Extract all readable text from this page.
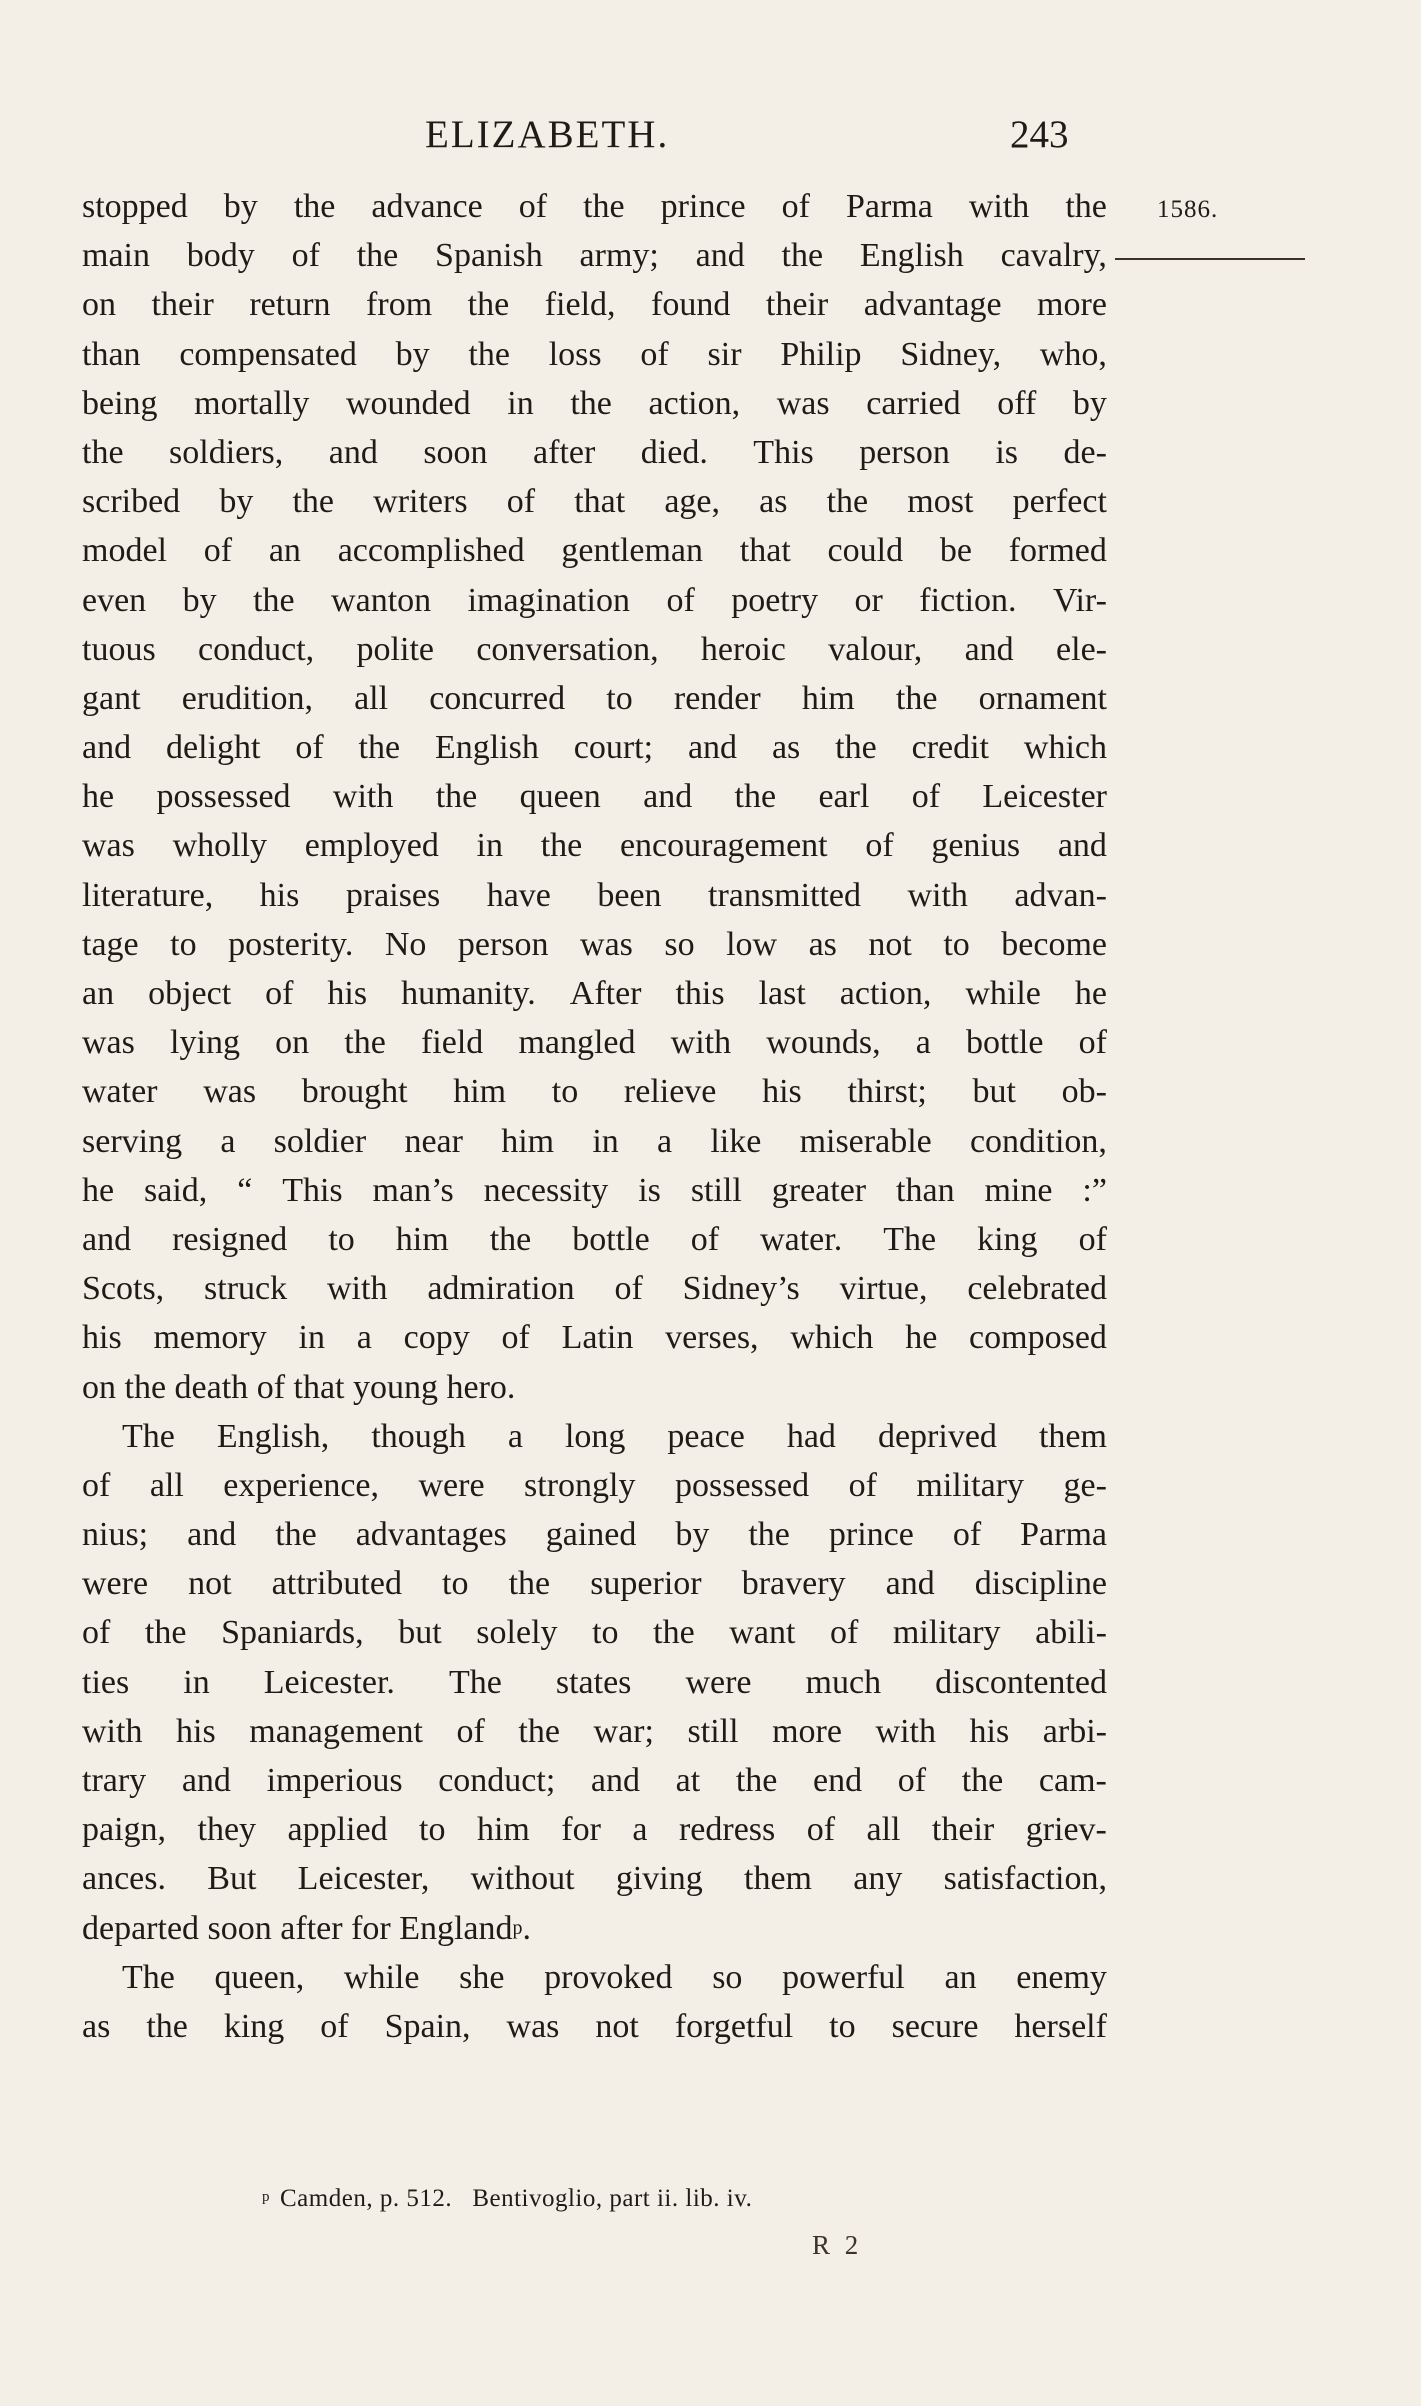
ELIZABETH.	243
1586.
stopped by the advance of the prince of Parma with the
main body of the Spanish army; and the English cavalry,
on their return from the field, found their advantage more
than compensated by the loss of sir Philip Sidney, who,
being mortally wounded in the action, was carried off by
the soldiers, and soon after died. This person is de-
scribed by the writers of that age, as the most perfect
model of an accomplished gentleman that could be formed
even by the wanton imagination of poetry or fiction. Vir-
tuous conduct, polite conversation, heroic valour, and ele-
gant erudition, all concurred to render him the ornament
and delight of the English court; and as the credit which
he possessed with the queen and the earl of Leicester
was wholly employed in the encouragement of genius and
literature, his praises have been transmitted with advan-
tage to posterity. No person was so low as not to become
an object of his humanity. After this last action, while he
was lying on the field mangled with wounds, a bottle of
water was brought him to relieve his thirst; but ob-
serving a soldier near him in a like miserable condition,
he said, “ This man’s necessity is still greater than mine :”
and resigned to him the bottle of water. The king of
Scots, struck with admiration of Sidney’s virtue, celebrated
his memory in a copy of Latin verses, which he composed
on the death of that young hero.
The English, though a long peace had deprived them
of all experience, were strongly possessed of military ge-
nius; and the advantages gained by the prince of Parma
were not attributed to the superior bravery and discipline
of the Spaniards, but solely to the want of military abili-
ties in Leicester. The states were much discontented
with his management of the war; still more with his arbi-
trary and imperious conduct; and at the end of the cam-
paign, they applied to him for a redress of all their griev-
ances. But Leicester, without giving them any satisfaction,
departed soon after for England p .
The queen, while she provoked so powerful an enemy
as the king of Spain, was not forgetful to secure herself
$^p$ Camden, p. 512.   Bentivoglio, part ii. lib. iv.
R 2
